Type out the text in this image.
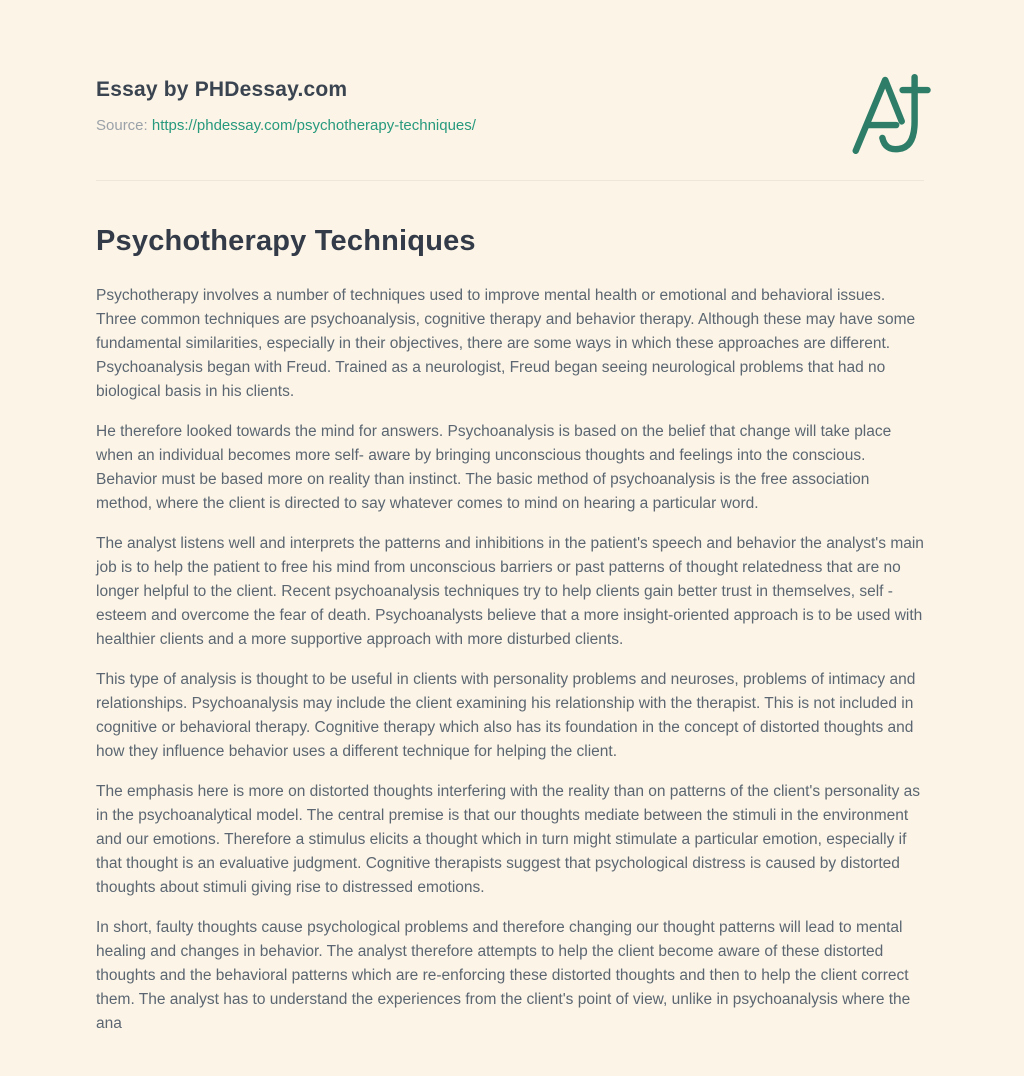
Essay by PHDessay.com
Source: https://phdessay.com/psychotherapy-techniques/
Psychotherapy Techniques

Psychotherapy involves a number of techniques used to improve mental health or emotional and behavioral issues. Three common techniques are psychoanalysis, cognitive therapy and behavior therapy. Although these may have some fundamental similarities, especially in their objectives, there are some ways in which these approaches are different. Psychoanalysis began with Freud. Trained as a neurologist, Freud began seeing neurological problems that had no biological basis in his clients.

He therefore looked towards the mind for answers. Psychoanalysis is based on the belief that change will take place when an individual becomes more self- aware by bringing unconscious thoughts and feelings into the conscious. Behavior must be based more on reality than instinct. The basic method of psychoanalysis is the free association method, where the client is directed to say whatever comes to mind on hearing a particular word.

The analyst listens well and interprets the patterns and inhibitions in the patient's speech and behavior the analyst's main job is to help the patient to free his mind from unconscious barriers or past patterns of thought relatedness that are no longer helpful to the client. Recent psychoanalysis techniques try to help clients gain better trust in themselves, self -esteem and overcome the fear of death. Psychoanalysts believe that a more insight-oriented approach is to be used with healthier clients and a more supportive approach with more disturbed clients.

This type of analysis is thought to be useful in clients with personality problems and neuroses, problems of intimacy and relationships. Psychoanalysis may include the client examining his relationship with the therapist. This is not included in cognitive or behavioral therapy. Cognitive therapy which also has its foundation in the concept of distorted thoughts and how they influence behavior uses a different technique for helping the client.

The emphasis here is more on distorted thoughts interfering with the reality than on patterns of the client's personality as in the psychoanalytical model. The central premise is that our thoughts mediate between the stimuli in the environment and our emotions. Therefore a stimulus elicits a thought which in turn might stimulate a particular emotion, especially if that thought is an evaluative judgment. Cognitive therapists suggest that psychological distress is caused by distorted thoughts about stimuli giving rise to distressed emotions.

In short, faulty thoughts cause psychological problems and therefore changing our thought patterns will lead to mental healing and changes in behavior. The analyst therefore attempts to help the client become aware of these distorted thoughts and the behavioral patterns which are re-enforcing these distorted thoughts and then to help the client correct them. The analyst has to understand the experiences from the client's point of view, unlike in psychoanalysis where the ana
